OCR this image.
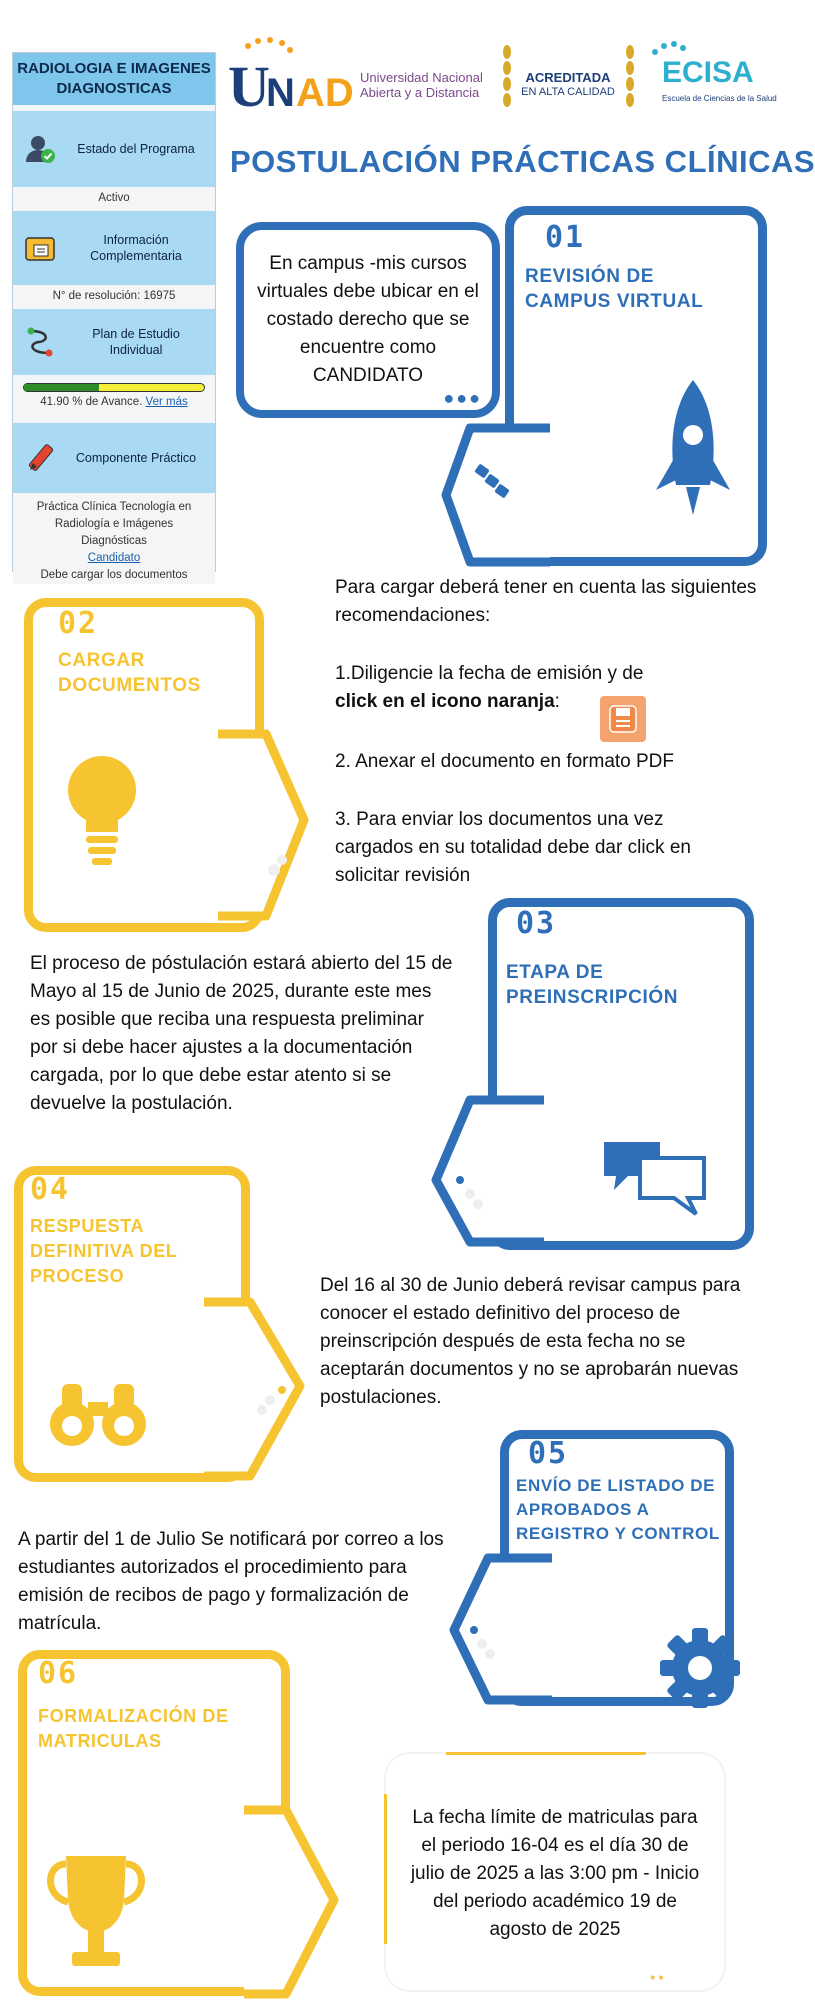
RADIOLOGIA E IMAGENES DIAGNOSTICAS
Estado del Programa
Activo
Información Complementaria
N° de resolución: 16975
Plan de Estudio Individual
41.90 % de Avance. Ver más
Componente Práctico
Práctica Clínica Tecnología en Radiología e Imágenes Diagnósticas
Candidato
Debe cargar los documentos
U
N AD Universidad Nacional Abierta y a Distancia
ACREDITADA
EN ALTA CALIDAD
ECISA
Escuela de Ciencias de la Salud
POSTULACIÓN PRÁCTICAS CLÍNICAS
01
REVISIÓN DE CAMPUS VIRTUAL
En campus -mis cursos virtuales debe ubicar en el costado derecho que se encuentre como CANDIDATO
●●●
02
CARGAR DOCUMENTOS
Para cargar deberá tener en cuenta las siguientes recomendaciones:
1.Diligencie la fecha de emisión y de
click en el icono naranja:
2. Anexar el documento en formato PDF
3. Para enviar los documentos una vez cargados en su totalidad debe dar click en solicitar revisión
03
ETAPA DE PREINSCRIPCIÓN
El proceso de póstulación estará abierto del 15 de Mayo al 15 de Junio de 2025, durante este mes es posible que reciba una respuesta preliminar por si debe hacer ajustes a la documentación cargada, por lo que debe estar atento si se devuelve la postulación.
04
RESPUESTA DEFINITIVA DEL PROCESO	Del 16 al 30 de Junio deberá revisar campus para conocer el estado definitivo del proceso de preinscripción después de esta fecha no se aceptarán documentos y no se aprobarán nuevas postulaciones.
05
ENVÍO DE LISTADO DE APROBADOS A REGISTRO Y CONTROL
A partir del 1 de Julio Se notificará por correo a los estudiantes autorizados el procedimiento para emisión de recibos de pago y formalización de matrícula.
06
FORMALIZACIÓN DE MATRICULAS
La fecha límite de matriculas para el periodo 16-04 es el día 30 de julio de 2025 a las 3:00 pm - Inicio del periodo académico 19 de agosto de 2025
●●
